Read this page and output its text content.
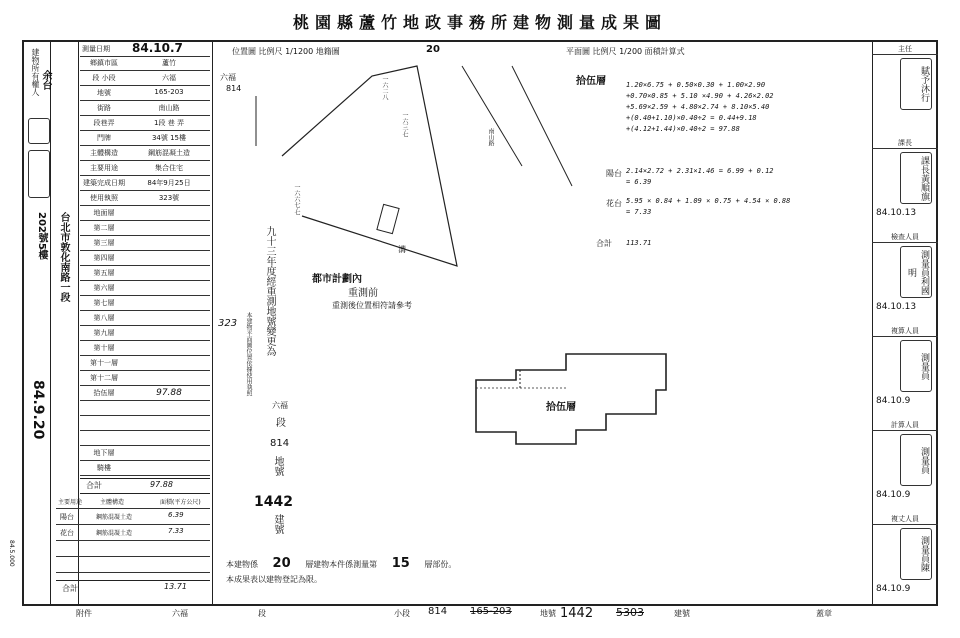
桃園縣蘆竹地政事務所建物測量成果圖
建物所有權人 余台
台北市敦化南路一段
202號5樓
84.9.20
84.5.000
測量日期 84.10.7
鄉鎮市區	蘆竹
段 小段	六福
地號	165-203
街路	南山路
段巷弄	1段 巷 弄
門牌	34號 15樓
主體構造	鋼筋混凝土造
主要用途	集合住宅
建築完成日期	84年9月25日
使用執照	323號
地面層
第二層
第三層
第四層
第五層
第六層
第七層
第八層
第九層
第十層
第十一層
第十二層
拾伍層	97.88
地下層
騎樓
合計	97.88
主要用途	主體構造	面積(平方公尺)
陽台	鋼筋混凝土造	6.39
花台	鋼筋混凝土造	7.33
合計	13.71
位置圖 比例尺 1/1200 地籍圖	20
六福
814	一六二八
一六三·七
一六六七·七
南山路
溝
九十三年度經重測地號變更為
本建物平面圖位置依據使用執照
323
六福
段
814
地號
1442
建號
都市計劃內
重測前
重測後位置相符請參考
平面圖 比例尺 1/200 面積計算式
拾伍層	1.20×6.75 + 0.50×0.30 + 1.00×2.90
+0.70×0.85 + 5.10 ×4.90 + 4.26×2.02
+5.69×2.59 + 4.80×2.74 + 8.10×5.40
+(0.40+1.10)×0.40÷2 = 0.44+9.18
+(4.12+1.44)×0.40÷2 = 97.88
陽台 2.14×2.72 + 2.31×1.46 = 6.99 + 0.12
= 6.39
花台 5.95 × 0.84 + 1.09 × 0.75 + 4.54 × 0.88
= 7.33
合計 113.71
拾伍層
主任
賦予沐行
課長
課長黃順旗
84.10.13
檢查人員
測量員利國明
84.10.13
複算人員
測量員
84.10.9
計算人員
測量員
84.10.9
複丈人員
測量員陳
84.10.9
本建物係 20 層建物本件係測量第 15 層部份。
本成果表以建物登記為限。
附件	六福	段	小段 814 165-203	地號 1442 5303	建號	蓋章
